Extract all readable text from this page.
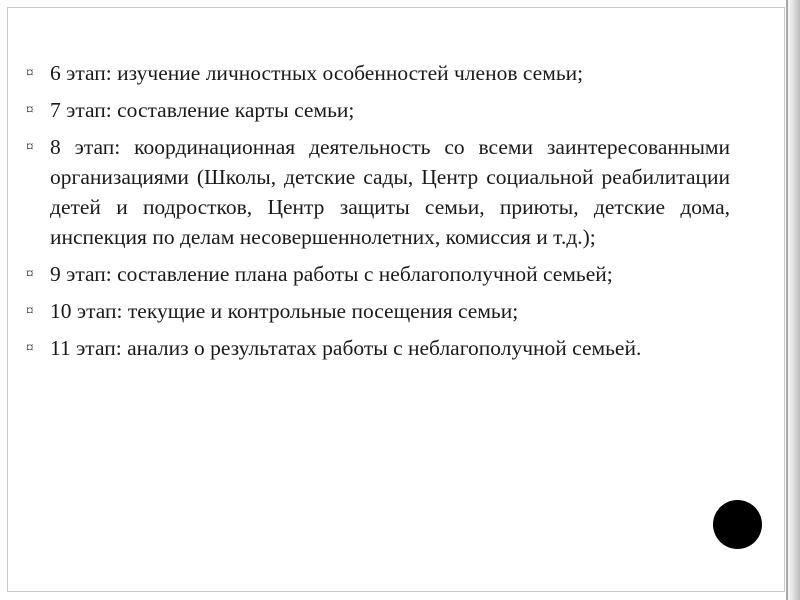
¤ 6 этап: изучение личностных особенностей членов семьи;
¤ 7 этап: составление карты семьи;
¤ 8 этап: координационная деятельность со всеми заинтересованными организациями (Школы, детские сады, Центр социальной реабилитации детей и подростков, Центр защиты семьи, приюты, детские дома, инспекция по делам несовершеннолетних, комиссия и т.д.);
¤ 9 этап: составление плана работы с неблагополучной семьей;
¤ 10 этап: текущие и контрольные посещения семьи;
¤ 11 этап: анализ о результатах работы с неблагополучной семьей.
